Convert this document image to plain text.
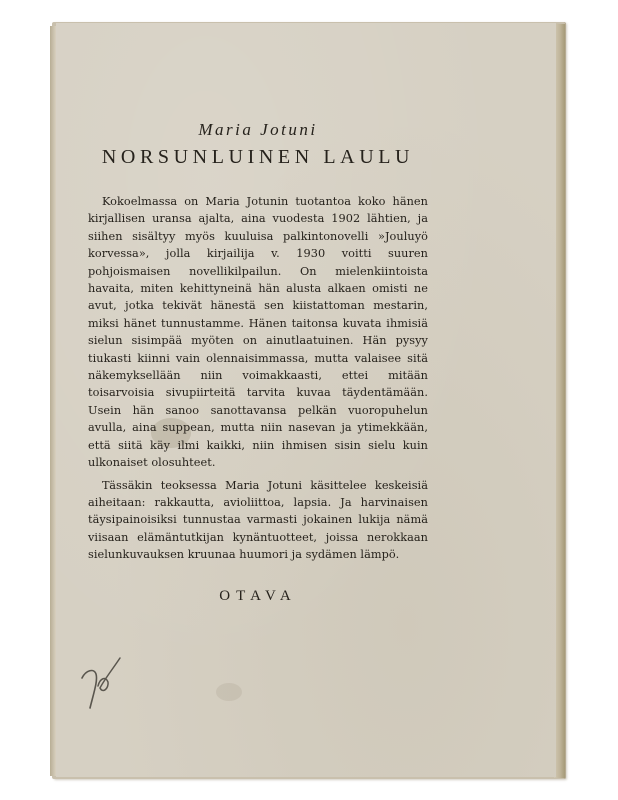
Maria Jotuni
NORSUNLUINEN LAULU

Kokoelmassa on Maria Jotunin tuotantoa koko hänen kirjallisen uransa ajalta, aina vuodesta 1902 lähtien, ja siihen sisältyy myös kuuluisa palkintonovelli »Jouluyö korvessa», jolla kirjailija v. 1930 voitti suuren pohjoismaisen novellikilpailun. On mielenkiintoista havaita, miten kehittyneinä hän alusta alkaen omisti ne avut, jotka tekivät hänestä sen kiistattoman mestarin, miksi hänet tunnustamme. Hänen taitonsa kuvata ihmisiä sielun sisimpää myöten on ainutlaatuinen. Hän pysyy tiukasti kiinni vain olennaisimmassa, mutta valaisee sitä näkemyksellään niin voimakkaasti, ettei mitään toisarvoisia sivupiirteitä tarvita kuvaa täydentämään. Usein hän sanoo sanottavansa pelkän vuoropuhelun avulla, aina suppean, mutta niin nasevan ja ytimekkään, että siitä käy ilmi kaikki, niin ihmisen sisin sielu kuin ulkonaiset olosuhteet.

Tässäkin teoksessa Maria Jotuni käsittelee keskeisiä aiheitaan: rakkautta, avioliittoa, lapsia. Ja harvinaisen täysipainoisiksi tunnustaa varmasti jokainen lukija nämä viisaan elämäntutkijan kynäntuotteet, joissa nerokkaan sielunkuvauksen kruunaa huumori ja sydämen lämpö.

OTAVA
